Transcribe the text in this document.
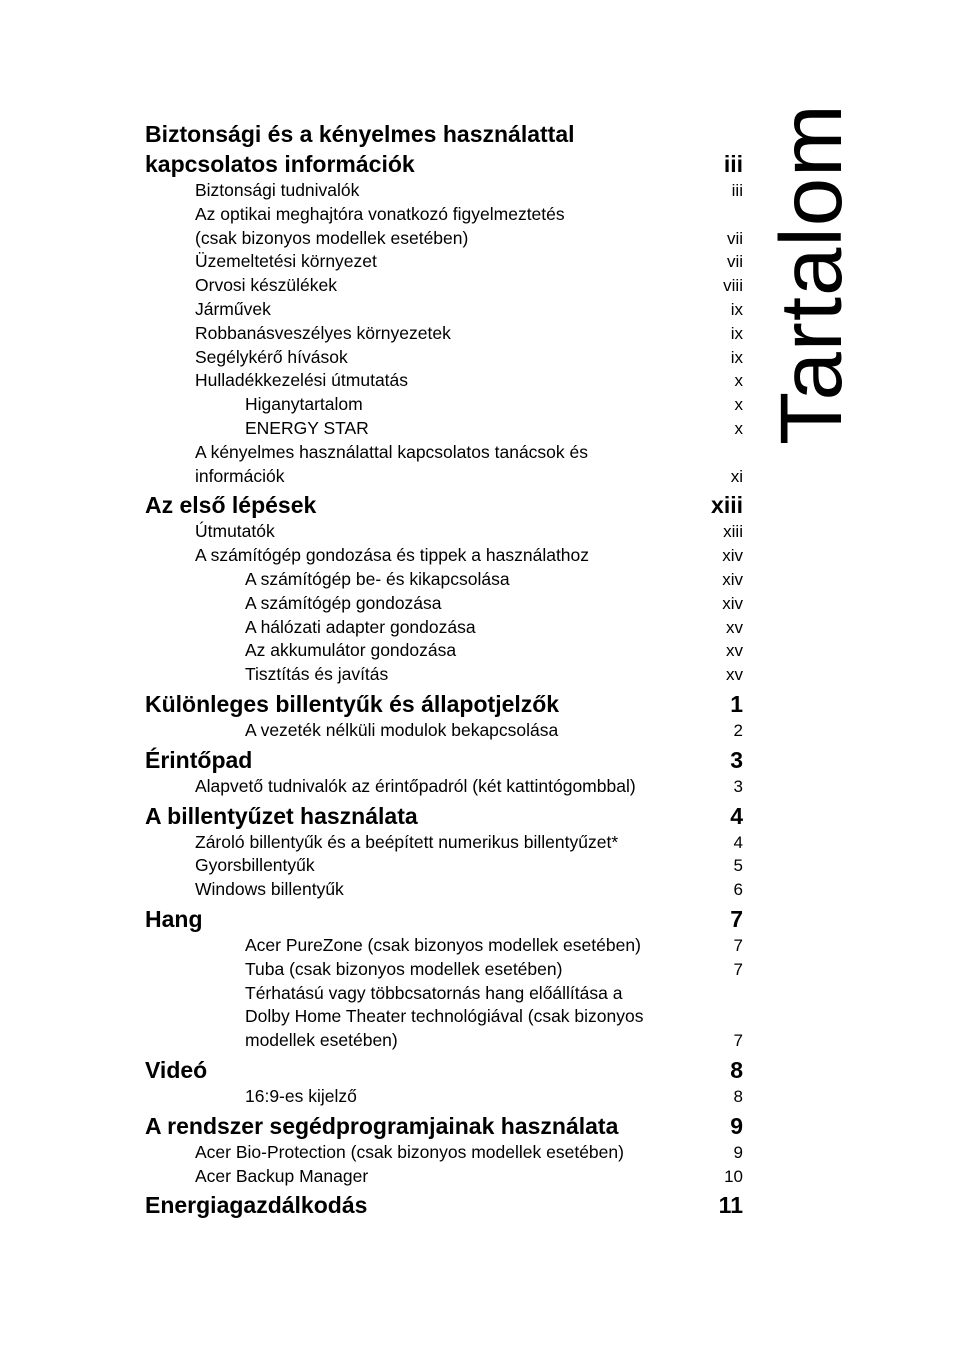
Tartalom
Biztonsági és a kényelmes használattal
kapcsolatos információk	iii
Biztonsági tudnivalók	iii
Az optikai meghajtóra vonatkozó figyelmeztetés
(csak bizonyos modellek esetében)	vii
Üzemeltetési környezet	vii
Orvosi készülékek	viii
Járművek	ix
Robbanásveszélyes környezetek	ix
Segélykérő hívások	ix
Hulladékkezelési útmutatás	x
Higanytartalom	x
ENERGY STAR	x
A kényelmes használattal kapcsolatos tanácsok és
információk	xi
Az első lépések	xiii
Útmutatók	xiii
A számítógép gondozása és tippek a használathoz	xiv
A számítógép be- és kikapcsolása	xiv
A számítógép gondozása	xiv
A hálózati adapter gondozása	xv
Az akkumulátor gondozása	xv
Tisztítás és javítás	xv
Különleges billentyűk és állapotjelzők	1
A vezeték nélküli modulok bekapcsolása	2
Érintőpad	3
Alapvető tudnivalók az érintőpadról (két kattintógombbal)	3
A billentyűzet használata	4
Zároló billentyűk és a beépített numerikus billentyűzet*	4
Gyorsbillentyűk	5
Windows billentyűk	6
Hang	7
Acer PureZone (csak bizonyos modellek esetében)	7
Tuba (csak bizonyos modellek esetében)	7
Térhatású vagy többcsatornás hang előállítása a
Dolby Home Theater technológiával (csak bizonyos
modellek esetében)	7
Videó	8
16:9-es kijelző	8
A rendszer segédprogramjainak használata	9
Acer Bio-Protection (csak bizonyos modellek esetében)	9
Acer Backup Manager	10
Energiagazdálkodás	11
